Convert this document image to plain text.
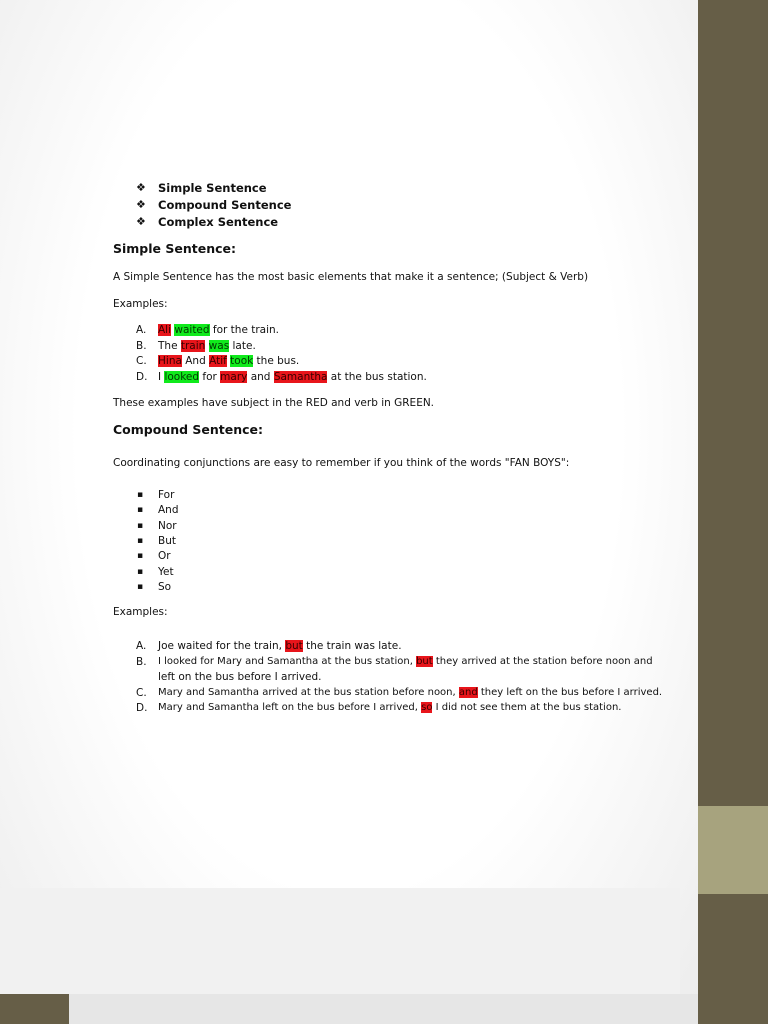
❖ Simple Sentence
❖ Compound Sentence
❖ Complex Sentence
Simple Sentence:
A Simple Sentence has the most basic elements that make it a sentence; (Subject & Verb)
Examples:
A. Ali waited for the train.
B. The train was late.
C. Hina And Atif took the bus.
D. I looked for mary and Samantha at the bus station.
These examples have subject in the RED and verb in GREEN.
Compound Sentence:
Coordinating conjunctions are easy to remember if you think of the words "FAN BOYS":
▪ For
▪ And
▪ Nor
▪ But
▪ Or
▪ Yet
▪ So
Examples:
A. Joe waited for the train, but the train was late.
B. I looked for Mary and Samantha at the bus station, but they arrived at the station before noon and
left on the bus before I arrived.
C. Mary and Samantha arrived at the bus station before noon, and they left on the bus before I arrived.
D. Mary and Samantha left on the bus before I arrived, so I did not see them at the bus station.
